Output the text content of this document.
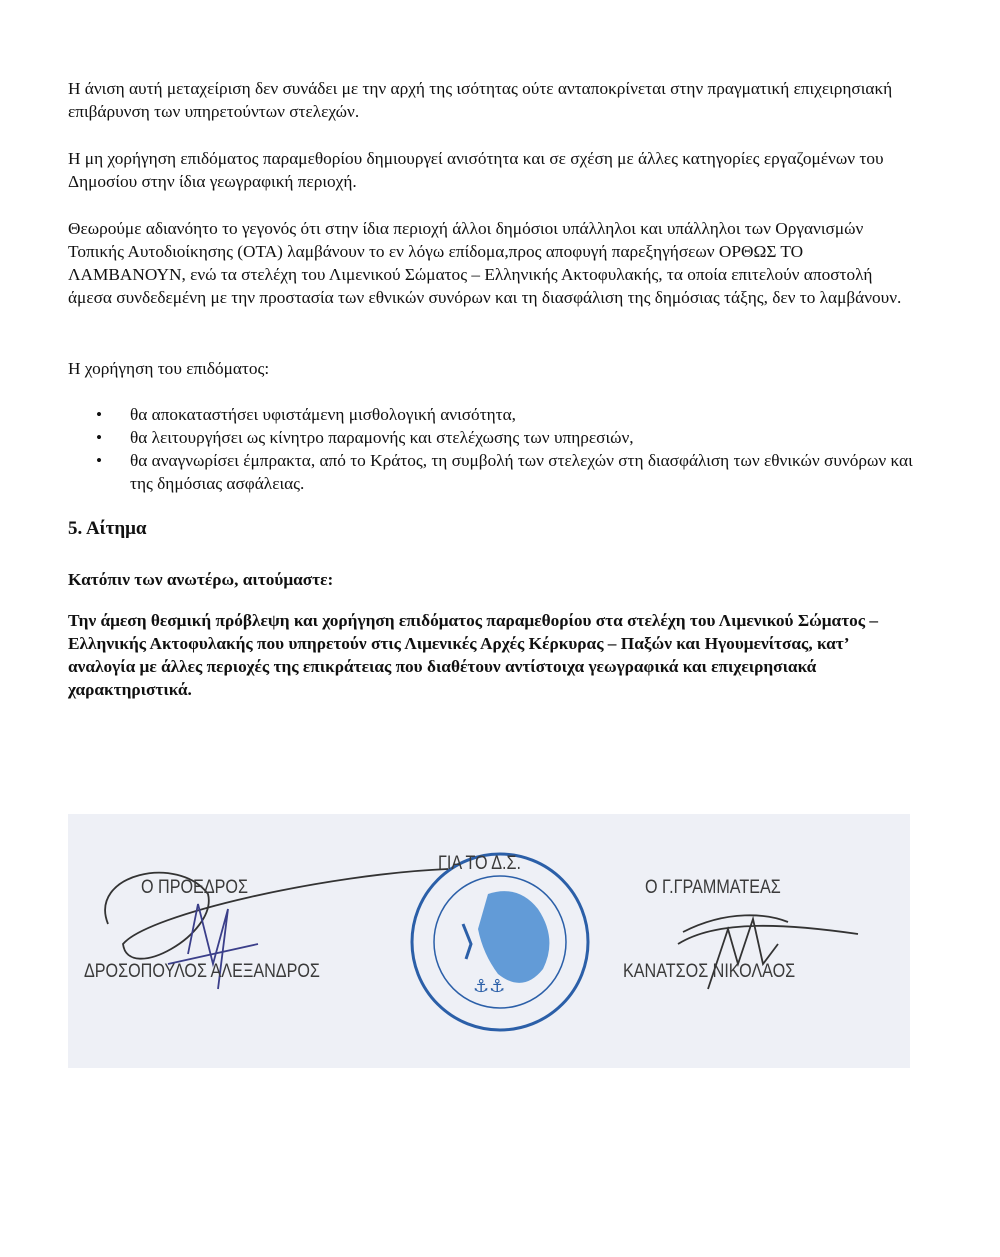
Η άνιση αυτή μεταχείριση δεν συνάδει με την αρχή της ισότητας ούτε ανταποκρίνεται στην πραγματική επιχειρησιακή επιβάρυνση των υπηρετούντων στελεχών.

Η μη χορήγηση επιδόματος παραμεθορίου δημιουργεί ανισότητα και σε σχέση με άλλες κατηγορίες εργαζομένων του Δημοσίου στην ίδια γεωγραφική περιοχή.

Θεωρούμε αδιανόητο το γεγονός ότι στην ίδια περιοχή άλλοι δημόσιοι υπάλληλοι και υπάλληλοι των Οργανισμών Τοπικής Αυτοδιοίκησης (ΟΤΑ) λαμβάνουν το εν λόγω επίδομα,προς αποφυγή παρεξηγήσεων ΟΡΘΩΣ ΤΟ ΛΑΜΒΑΝΟΥΝ, ενώ τα στελέχη του Λιμενικού Σώματος – Ελληνικής Ακτοφυλακής, τα οποία επιτελούν αποστολή άμεσα συνδεδεμένη με την προστασία των εθνικών συνόρων και τη διασφάλιση της δημόσιας τάξης, δεν το λαμβάνουν.

Η χορήγηση του επιδόματος:

• θα αποκαταστήσει υφιστάμενη μισθολογική ανισότητα,
• θα λειτουργήσει ως κίνητρο παραμονής και στελέχωσης των υπηρεσιών,
• θα αναγνωρίσει έμπρακτα, από το Κράτος, τη συμβολή των στελεχών στη διασφάλιση των εθνικών συνόρων και της δημόσιας ασφάλειας.
5. Αίτημα

Κατόπιν των ανωτέρω, αιτούμαστε:

Την άμεση θεσμική πρόβλεψη και χορήγηση επιδόματος παραμεθορίου στα στελέχη του Λιμενικού Σώματος – Ελληνικής Ακτοφυλακής που υπηρετούν στις Λιμενικές Αρχές Κέρκυρας – Παξών και Ηγουμενίτσας, κατ’ αναλογία με άλλες περιοχές της επικράτειας που διαθέτουν αντίστοιχα γεωγραφικά και επιχειρησιακά χαρακτηριστικά.

⚓⚓
ΓΙΑ ΤΟ Δ.Σ.
Ο ΠΡΟΕΔΡΟΣ
ΔΡΟΣΟΠΟΥΛΟΣ ΑΛΕΞΑΝΔΡΟΣ
Ο Γ.ΓΡΑΜΜΑΤΕΑΣ
ΚΑΝΑΤΣΟΣ ΝΙΚΟΛΑΟΣ
